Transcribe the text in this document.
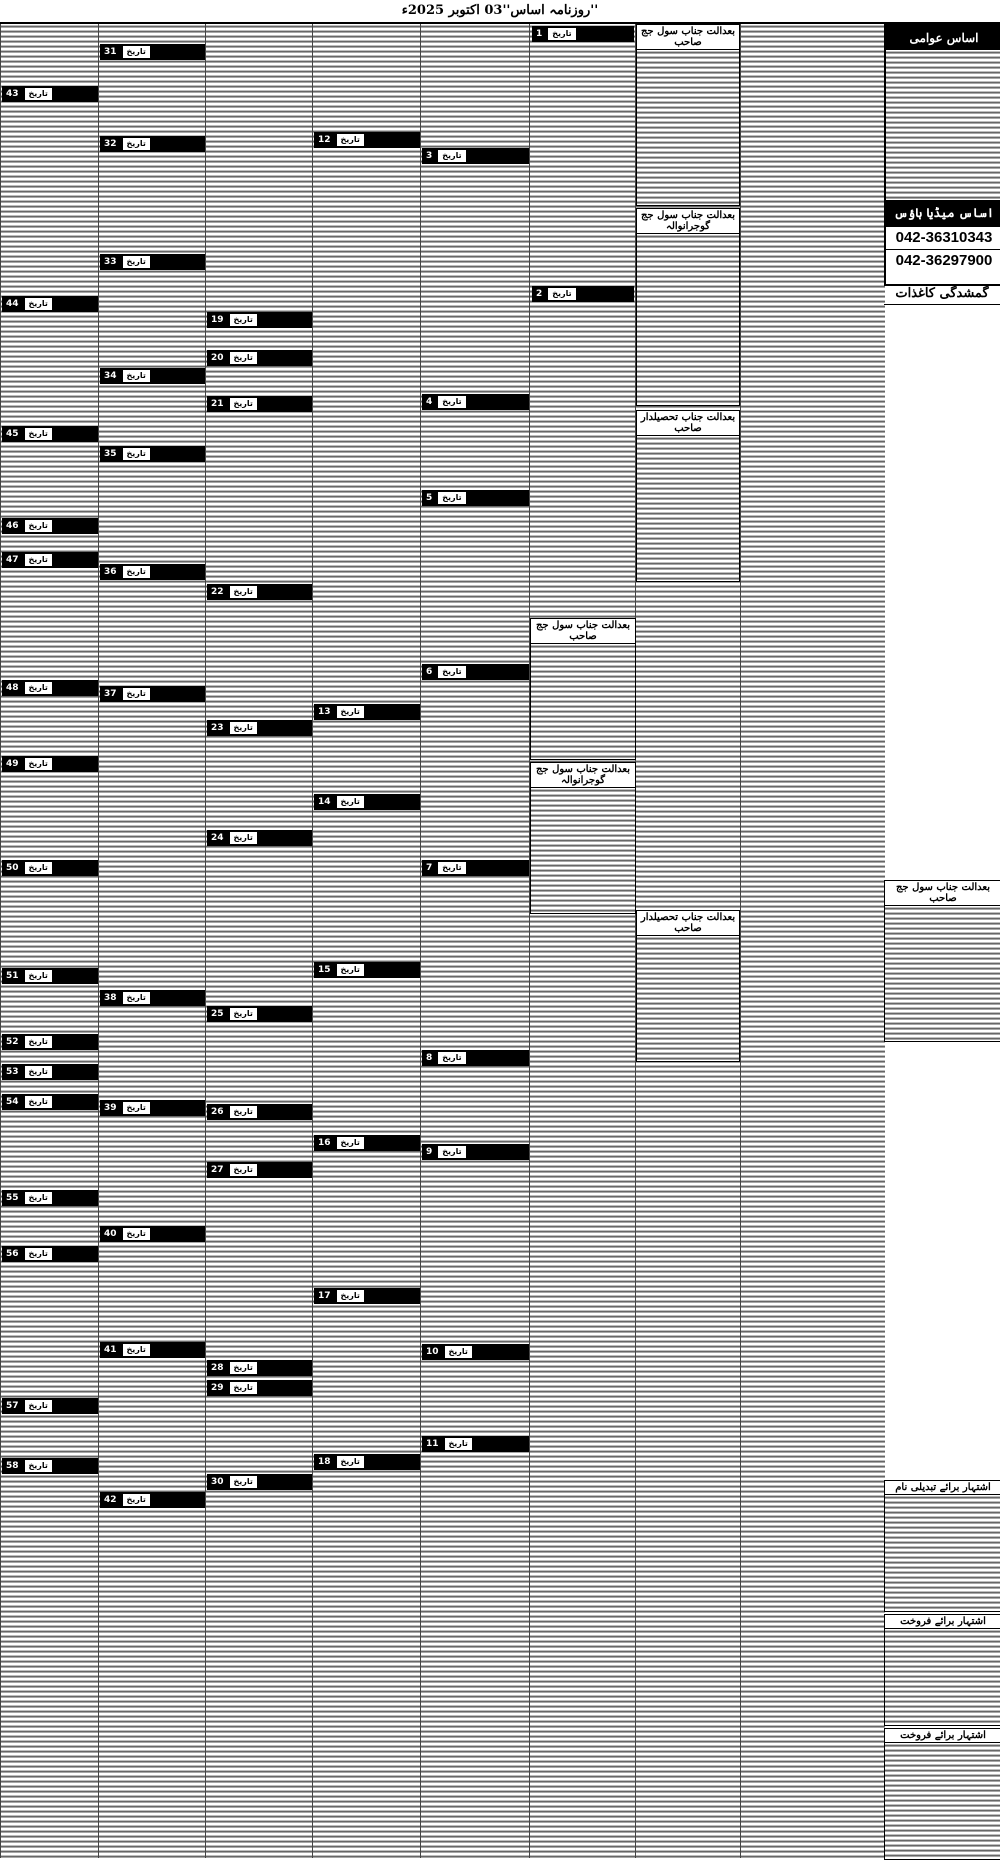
''روزنامہ اساس''03 اکتوبر 2025ء
اساس عوامی
اساس میڈیا ہاؤس
042-36310343
042-36297900
گمشدگی کاغذات
بعدالت جناب سول جج صاحب
بعدالت جناب سول جج گوجرانوالہ
بعدالت جناب تحصیلدار صاحب
بعدالت جناب سول جج صاحب
بعدالت جناب سول جج گوجرانوالہ
بعدالت جناب تحصیلدار صاحب
بعدالت جناب سول جج صاحب
اشتہار برائے تبدیلی نام
اشتہار برائے فروخت
اشتہار برائے فروخت
1 تاریخ
2 تاریخ
3 تاریخ
4 تاریخ
5 تاریخ
6 تاریخ
7 تاریخ
8 تاریخ
9 تاریخ
10 تاریخ
11 تاریخ
12 تاریخ
13 تاریخ
14 تاریخ
15 تاریخ
16 تاریخ
17 تاریخ
18 تاریخ
19 تاریخ
20 تاریخ
21 تاریخ
22 تاریخ
23 تاریخ
24 تاریخ
25 تاریخ
26 تاریخ
27 تاریخ
28 تاریخ
29 تاریخ
30 تاریخ
31 تاریخ
32 تاریخ
33 تاریخ
34 تاریخ
35 تاریخ
36 تاریخ
37 تاریخ
38 تاریخ
39 تاریخ
40 تاریخ
41 تاریخ
42 تاریخ
43 تاریخ
44 تاریخ
45 تاریخ
46 تاریخ
47 تاریخ
48 تاریخ
49 تاریخ
50 تاریخ
51 تاریخ
52 تاریخ
53 تاریخ
54 تاریخ
55 تاریخ
56 تاریخ
57 تاریخ
58 تاریخ
